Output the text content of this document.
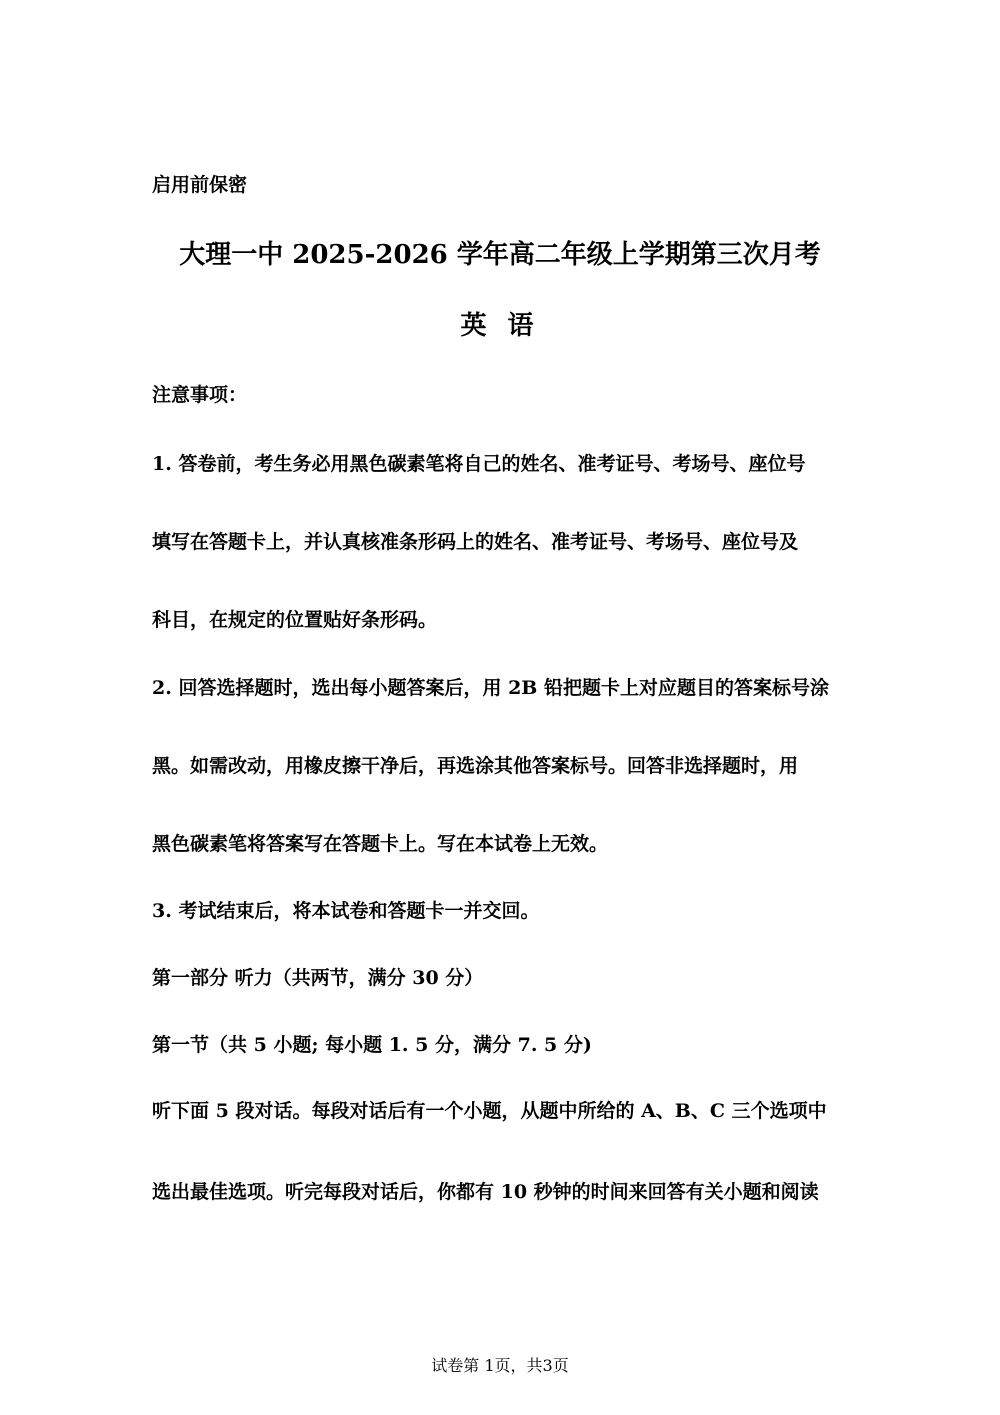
启用前保密
大理一中 2025-2026 学年高二年级上学期第三次月考
英 语
注意事项：
1. 答卷前，考生务必用黑色碳素笔将自己的姓名、准考证号、考场号、座位号
填写在答题卡上，并认真核准条形码上的姓名、准考证号、考场号、座位号及
科目，在规定的位置贴好条形码。
2. 回答选择题时，选出每小题答案后，用 2B 铅把题卡上对应题目的答案标号涂
黑。如需改动，用橡皮擦干净后，再选涂其他答案标号。回答非选择题时，用
黑色碳素笔将答案写在答题卡上。写在本试卷上无效。
3. 考试结束后，将本试卷和答题卡一并交回。
第一部分 听力（共两节，满分 30 分）
第一节（共 5 小题; 每小题 1. 5 分，满分 7. 5 分)
听下面 5 段对话。每段对话后有一个小题，从题中所给的 A、B、C 三个选项中
选出最佳选项。听完每段对话后，你都有 10 秒钟的时间来回答有关小题和阅读
试卷第 1页，共3页
